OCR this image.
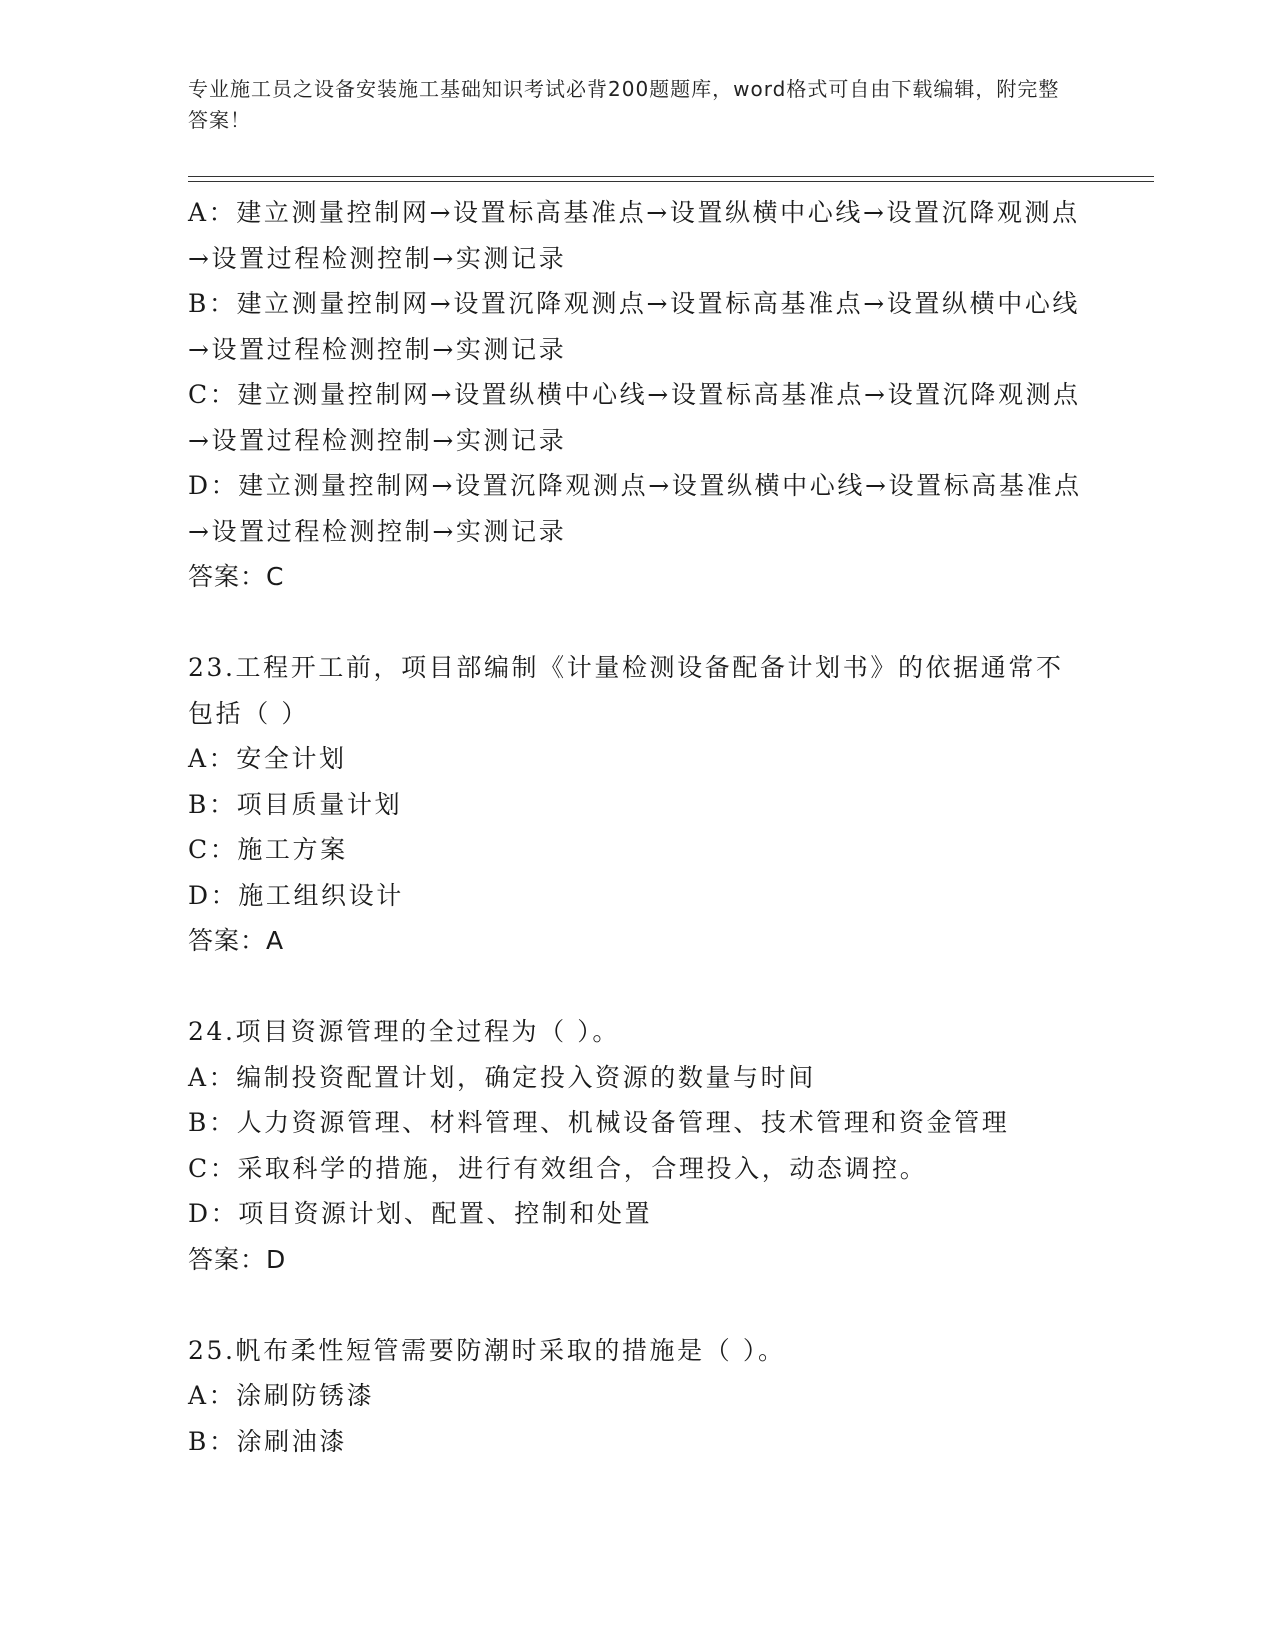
专业施工员之设备安装施工基础知识考试必背200题题库，word格式可自由下载编辑，附完整答案！

A：建立测量控制网→设置标高基准点→设置纵横中心线→设置沉降观测点→设置过程检测控制→实测记录

B：建立测量控制网→设置沉降观测点→设置标高基准点→设置纵横中心线→设置过程检测控制→实测记录

C：建立测量控制网→设置纵横中心线→设置标高基准点→设置沉降观测点→设置过程检测控制→实测记录

D：建立测量控制网→设置沉降观测点→设置纵横中心线→设置标高基准点→设置过程检测控制→实测记录

答案：C

23.工程开工前，项目部编制《计量检测设备配备计划书》的依据通常不包括（ ）

A：安全计划

B：项目质量计划

C：施工方案

D：施工组织设计

答案：A

24.项目资源管理的全过程为（ ）。

A：编制投资配置计划，确定投入资源的数量与时间

B：人力资源管理、材料管理、机械设备管理、技术管理和资金管理

C：采取科学的措施，进行有效组合，合理投入，动态调控。

D：项目资源计划、配置、控制和处置

答案：D

25.帆布柔性短管需要防潮时采取的措施是（ ）。

A：涂刷防锈漆

B：涂刷油漆
